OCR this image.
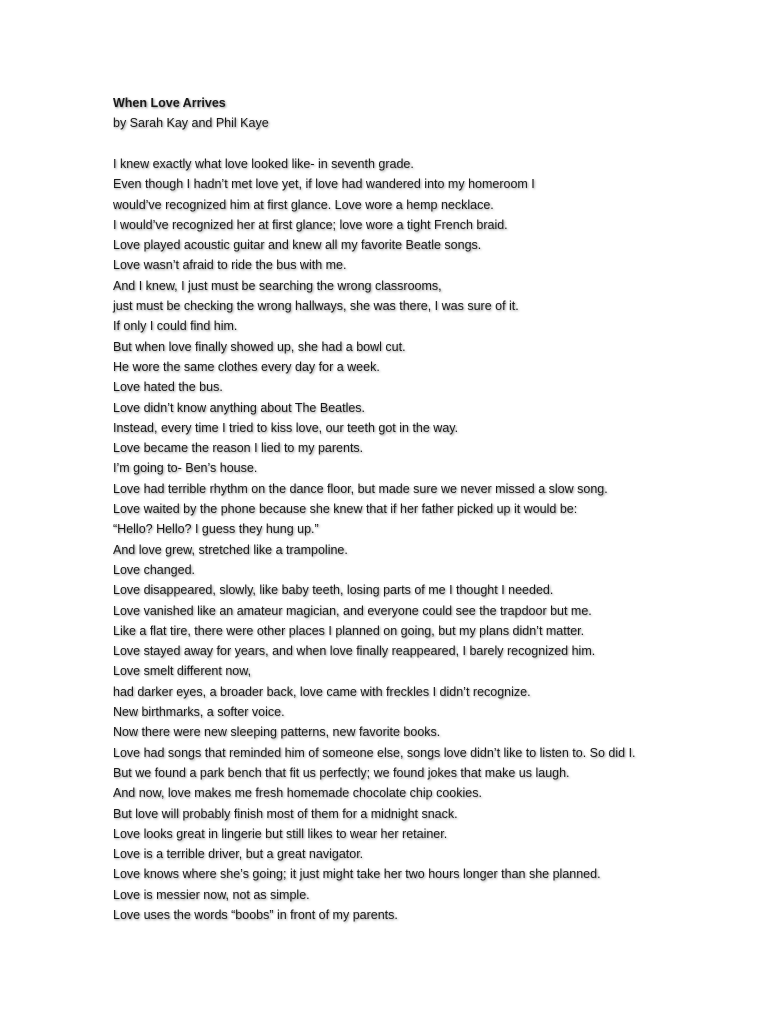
When Love Arrives
by Sarah Kay and Phil Kaye
I knew exactly what love looked like- in seventh grade.
Even though I hadn’t met love yet, if love had wandered into my homeroom I
would’ve recognized him at first glance. Love wore a hemp necklace.
I would’ve recognized her at first glance; love wore a tight French braid.
Love played acoustic guitar and knew all my favorite Beatle songs.
Love wasn’t afraid to ride the bus with me.
And I knew, I just must be searching the wrong classrooms,
just must be checking the wrong hallways, she was there, I was sure of it.
If only I could find him.
But when love finally showed up, she had a bowl cut.
He wore the same clothes every day for a week.
Love hated the bus.
Love didn’t know anything about The Beatles.
Instead, every time I tried to kiss love, our teeth got in the way.
Love became the reason I lied to my parents.
I’m going to- Ben’s house.
Love had terrible rhythm on the dance floor, but made sure we never missed a slow song.
Love waited by the phone because she knew that if her father picked up it would be:
“Hello? Hello? I guess they hung up.”
And love grew, stretched like a trampoline.
Love changed.
Love disappeared, slowly, like baby teeth, losing parts of me I thought I needed.
Love vanished like an amateur magician, and everyone could see the trapdoor but me.
Like a flat tire, there were other places I planned on going, but my plans didn’t matter.
Love stayed away for years, and when love finally reappeared, I barely recognized him.
Love smelt different now,
had darker eyes, a broader back, love came with freckles I didn’t recognize.
New birthmarks, a softer voice.
Now there were new sleeping patterns, new favorite books.
Love had songs that reminded him of someone else, songs love didn’t like to listen to. So did I.
But we found a park bench that fit us perfectly; we found jokes that make us laugh.
And now, love makes me fresh homemade chocolate chip cookies.
But love will probably finish most of them for a midnight snack.
Love looks great in lingerie but still likes to wear her retainer.
Love is a terrible driver, but a great navigator.
Love knows where she’s going; it just might take her two hours longer than she planned.
Love is messier now, not as simple.
Love uses the words “boobs” in front of my parents.
